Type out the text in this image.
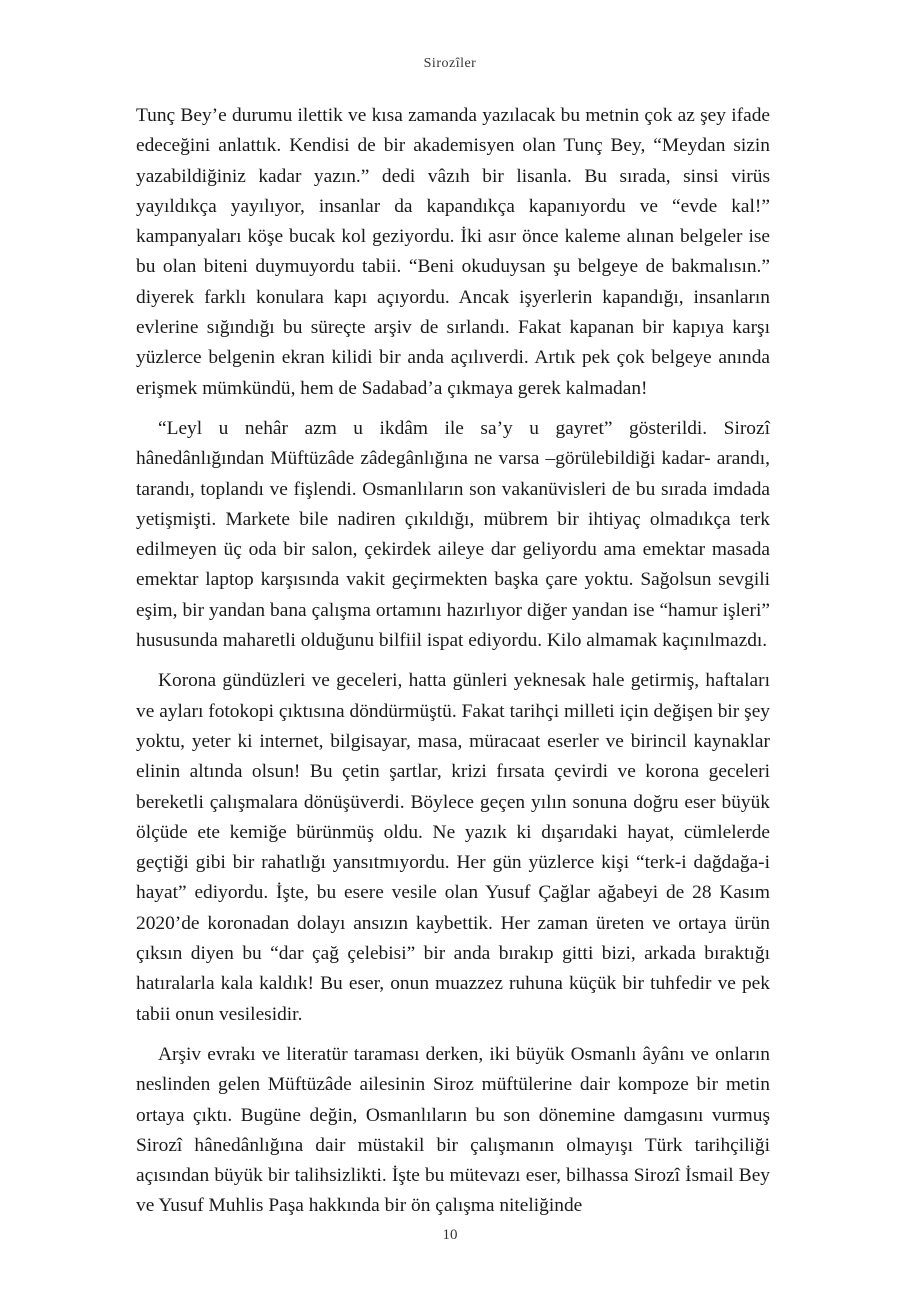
Sirozîler

Tunç Bey’e durumu ilettik ve kısa zamanda yazılacak bu metnin çok az şey ifade edeceğini anlattık. Kendisi de bir akademisyen olan Tunç Bey, “Meydan sizin yazabildiğiniz kadar yazın.” dedi vâzıh bir lisanla. Bu sırada, sinsi virüs yayıldıkça yayılıyor, insanlar da kapandıkça kapanıyordu ve “evde kal!” kampanyaları köşe bucak kol geziyordu. İki asır önce kaleme alınan belgeler ise bu olan biteni duymuyordu tabii. “Beni okuduysan şu belgeye de bakmalısın.” diyerek farklı konulara kapı açıyordu. Ancak işyerlerin kapandığı, insanların evlerine sığındığı bu süreçte arşiv de sırlandı. Fakat kapanan bir kapıya karşı yüzlerce belgenin ekran kilidi bir anda açılıverdi. Artık pek çok belgeye anında erişmek mümkündü, hem de Sadabad’a çıkmaya gerek kalmadan!

“Leyl u nehâr azm u ikdâm ile sa’y u gayret” gösterildi. Sirozî hânedânlığından Müftüzâde zâdegânlığına ne varsa –görülebildiği kadar- arandı, tarandı, toplandı ve fişlendi. Osmanlıların son vakanüvisleri de bu sırada imdada yetişmişti. Markete bile nadiren çıkıldığı, mübrem bir ihtiyaç olmadıkça terk edilmeyen üç oda bir salon, çekirdek aileye dar geliyordu ama emektar masada emektar laptop karşısında vakit geçirmekten başka çare yoktu. Sağolsun sevgili eşim, bir yandan bana çalışma ortamını hazırlıyor diğer yandan ise “hamur işleri” hususunda maharetli olduğunu bilfiil ispat ediyordu. Kilo almamak kaçınılmazdı.

Korona gündüzleri ve geceleri, hatta günleri yeknesak hale getirmiş, haftaları ve ayları fotokopi çıktısına döndürmüştü. Fakat tarihçi milleti için değişen bir şey yoktu, yeter ki internet, bilgisayar, masa, müracaat eserler ve birincil kaynaklar elinin altında olsun! Bu çetin şartlar, krizi fırsata çevirdi ve korona geceleri bereketli çalışmalara dönüşüverdi. Böylece geçen yılın sonuna doğru eser büyük ölçüde ete kemiğe bürünmüş oldu. Ne yazık ki dışarıdaki hayat, cümlelerde geçtiği gibi bir rahatlığı yansıtmıyordu. Her gün yüzlerce kişi “terk-i dağdağa-i hayat” ediyordu. İşte, bu esere vesile olan Yusuf Çağlar ağabeyi de 28 Kasım 2020’de koronadan dolayı ansızın kaybettik. Her zaman üreten ve ortaya ürün çıksın diyen bu “dar çağ çelebisi” bir anda bırakıp gitti bizi, arkada bıraktığı hatıralarla kala kaldık! Bu eser, onun muazzez ruhuna küçük bir tuhfedir ve pek tabii onun vesilesidir.

Arşiv evrakı ve literatür taraması derken, iki büyük Osmanlı âyânı ve onların neslinden gelen Müftüzâde ailesinin Siroz müftülerine dair kompoze bir metin ortaya çıktı. Bugüne değin, Osmanlıların bu son dönemine damgasını vurmuş Sirozî hânedânlığına dair müstakil bir çalışmanın olmayışı Türk tarihçiliği açısından büyük bir talihsizlikti. İşte bu mütevazı eser, bilhassa Sirozî İsmail Bey ve Yusuf Muhlis Paşa hakkında bir ön çalışma niteliğinde

10
